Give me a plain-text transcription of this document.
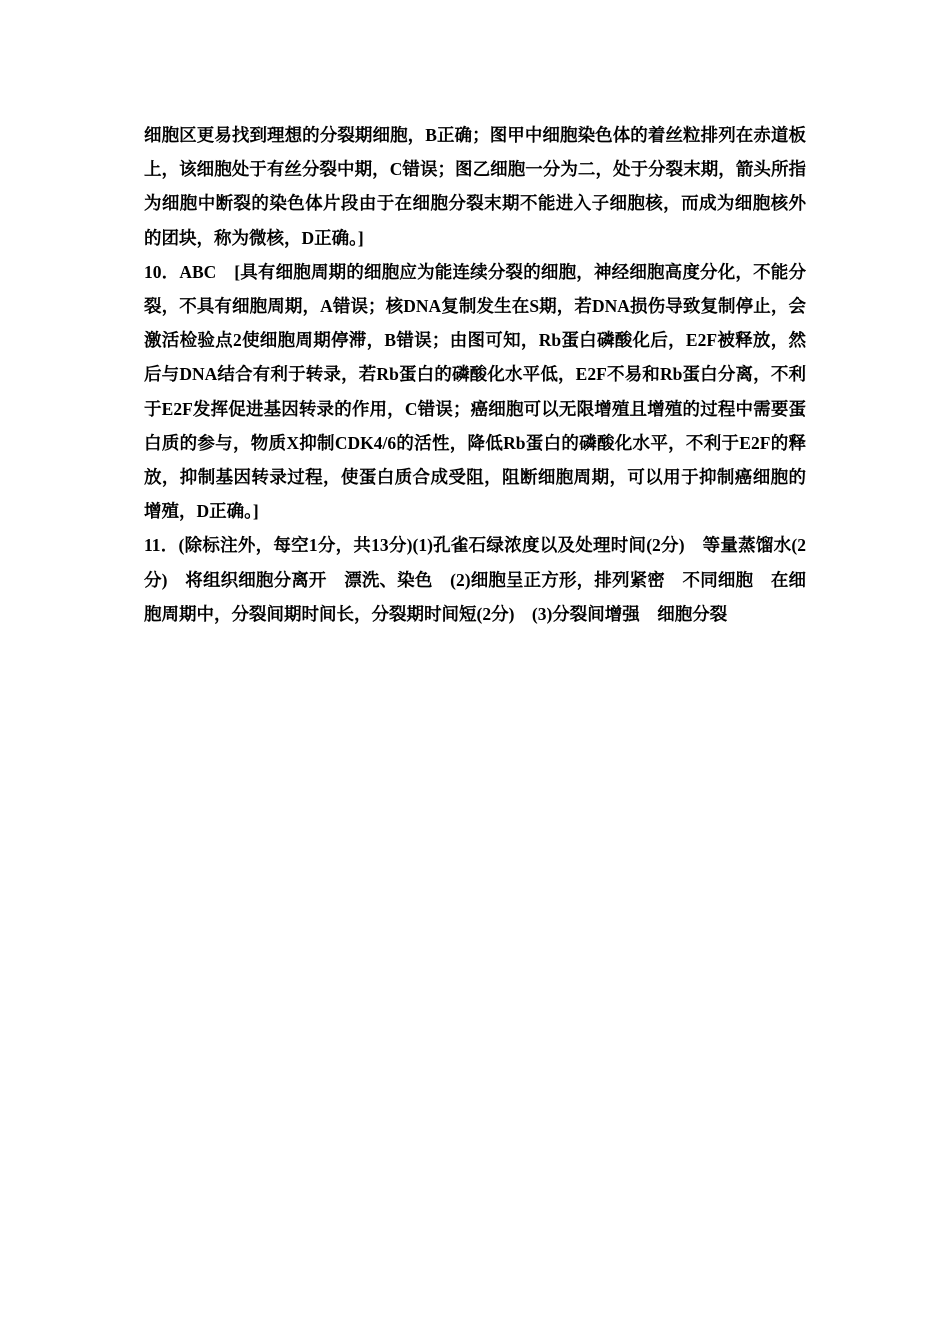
细胞区更易找到理想的分裂期细胞，B正确；图甲中细胞染色体的着丝粒排列在赤道板上，该细胞处于有丝分裂中期，C错误；图乙细胞一分为二，处于分裂末期，箭头所指为细胞中断裂的染色体片段由于在细胞分裂末期不能进入子细胞核，而成为细胞核外的团块，称为微核，D正确。]

10．ABC　[具有细胞周期的细胞应为能连续分裂的细胞，神经细胞高度分化，不能分裂，不具有细胞周期，A错误；核DNA复制发生在S期，若DNA损伤导致复制停止，会激活检验点2使细胞周期停滞，B错误；由图可知，Rb蛋白磷酸化后，E2F被释放，然后与DNA结合有利于转录，若Rb蛋白的磷酸化水平低，E2F不易和Rb蛋白分离，不利于E2F发挥促进基因转录的作用，C错误；癌细胞可以无限增殖且增殖的过程中需要蛋白质的参与，物质X抑制CDK4/6的活性，降低Rb蛋白的磷酸化水平，不利于E2F的释放，抑制基因转录过程，使蛋白质合成受阻，阻断细胞周期，可以用于抑制癌细胞的增殖，D正确。]

11．(除标注外，每空1分，共13分)(1)孔雀石绿浓度以及处理时间(2分)　等量蒸馏水(2分)　将组织细胞分离开　漂洗、染色　(2)细胞呈正方形，排列紧密　不同细胞　在细胞周期中，分裂间期时间长，分裂期时间短(2分)　(3)分裂间增强　细胞分裂
